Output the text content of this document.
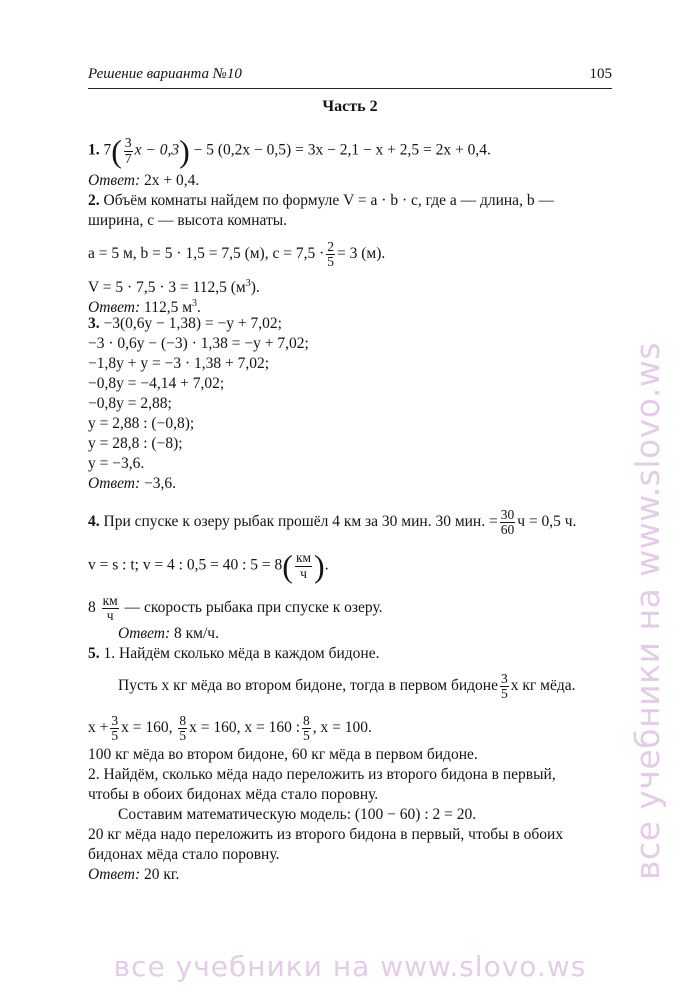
Решение варианта №10	105
Часть 2
1. $7( \frac{3}{7}$ x − 0,3) − 5 (0,2x − 0,5) = 3x − 2,1 − x + 2,5 = 2x + 0,4.
Ответ: 2x + 0,4.
2. Объём комнаты найдем по формуле V = a · b · c, где a — длина, b —
ширина, c — высота комнаты.
a = 5 м, b = 5 · 1,5 = 7,5 (м), $c = 7,5 \cdot \frac{2}{5} = 3$ (м).
V = 5 · 7,5 · 3 = 112,5 $(м^3)$.
Ответ: 112,5 $м^3$.
3. −3(0,6y − 1,38) = −y + 7,02;
−3 · 0,6y − (−3) · 1,38 = −y + 7,02;
−1,8y + y = −3 · 1,38 + 7,02;
−0,8y = −4,14 + 7,02;
−0,8y = 2,88;
y = 2,88 : (−0,8);
y = 28,8 : (−8);
y = −3,6.
Ответ: −3,6.
4. При спуске к озеру рыбак прошёл 4 км за 30 мин. 30 мин. = $\frac{30}{60}$ ч = 0,5 ч.
v = s : t; v = 4 : 0,5 = 40 : $5 = 8( \frac{км}{ч}$ ).
$8 \frac{км}{ч}$ — скорость рыбака при спуске к озеру.
Ответ: 8 км/ч.
5. 1. Найдём сколько мёда в каждом бидоне.
Пусть x кг мёда во втором бидоне, тогда в первом бидоне $\frac{3}{5}$ x кг мёда.
$x + \frac{3}{5}$ x = 160, $\frac{8}{5}$ x = 160, x = 160 : $\frac{8}{5}$ , x = 100.
100 кг мёда во втором бидоне, 60 кг мёда в первом бидоне.
2. Найдём, сколько мёда надо переложить из второго бидона в первый,
чтобы в обоих бидонах мёда стало поровну.
Составим математическую модель: (100 − 60) : 2 = 20.
20 кг мёда надо переложить из второго бидона в первый, чтобы в обоих
бидонах мёда стало поровну.
Ответ: 20 кг.	все учебники на www.slovo.ws
все учебники на www.slovo.ws
